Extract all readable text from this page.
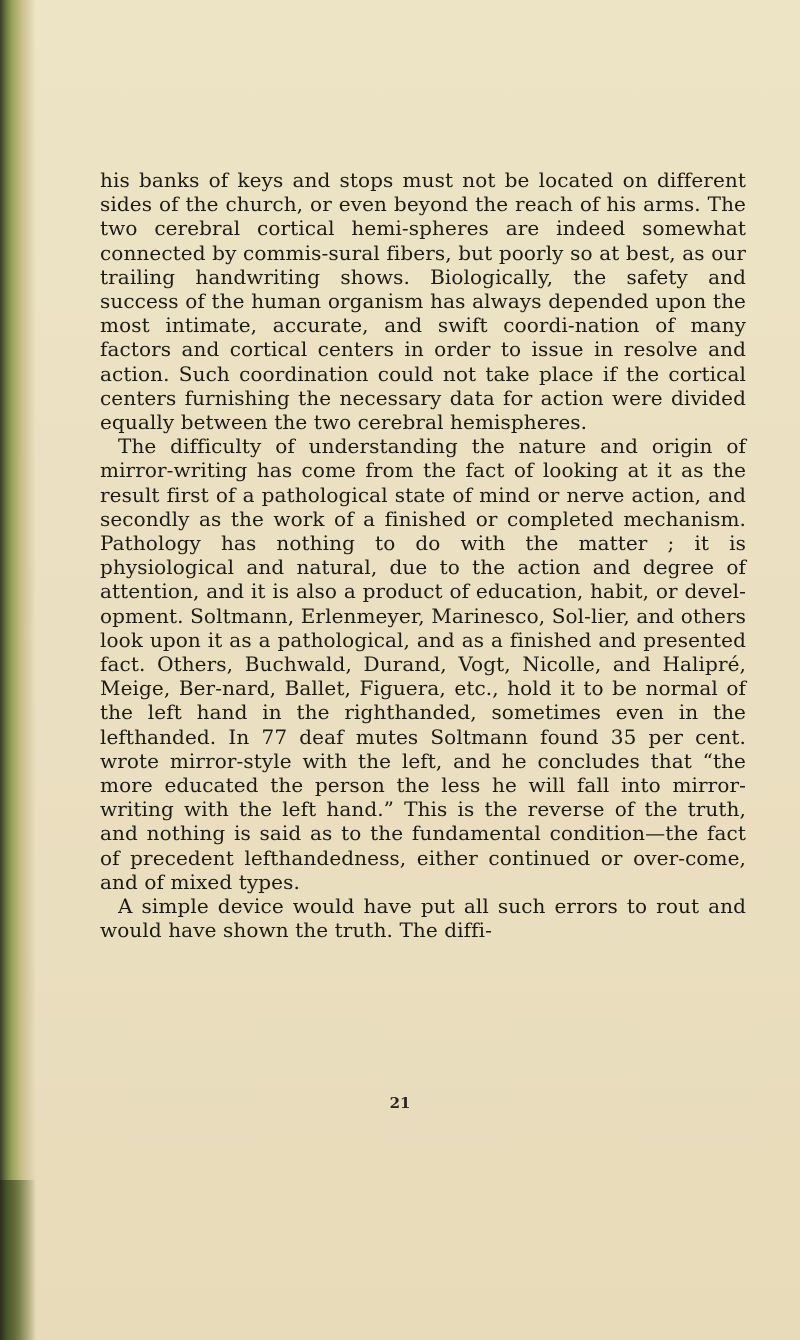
his banks of keys and stops must not be located on different sides of the church, or even beyond the reach of his arms. The two cerebral cortical hemi-spheres are indeed somewhat connected by commis-sural fibers, but poorly so at best, as our trailing handwriting shows. Biologically, the safety and success of the human organism has always depended upon the most intimate, accurate, and swift coordi-nation of many factors and cortical centers in order to issue in resolve and action. Such coordination could not take place if the cortical centers furnishing the necessary data for action were divided equally between the two cerebral hemispheres.

The difficulty of understanding the nature and origin of mirror-writing has come from the fact of looking at it as the result first of a pathological state of mind or nerve action, and secondly as the work of a finished or completed mechanism. Pathology has nothing to do with the matter ; it is physiological and natural, due to the action and degree of attention, and it is also a product of education, habit, or devel-opment. Soltmann, Erlenmeyer, Marinesco, Sol-lier, and others look upon it as a pathological, and as a finished and presented fact. Others, Buchwald, Durand, Vogt, Nicolle, and Halipré, Meige, Ber-nard, Ballet, Figuera, etc., hold it to be normal of the left hand in the righthanded, sometimes even in the lefthanded. In 77 deaf mutes Soltmann found 35 per cent. wrote mirror-style with the left, and he concludes that “the more educated the person the less he will fall into mirror-writing with the left hand.” This is the reverse of the truth, and nothing is said as to the fundamental condition—the fact of precedent lefthandedness, either continued or over-come, and of mixed types.

A simple device would have put all such errors to rout and would have shown the truth. The diffi-

21
